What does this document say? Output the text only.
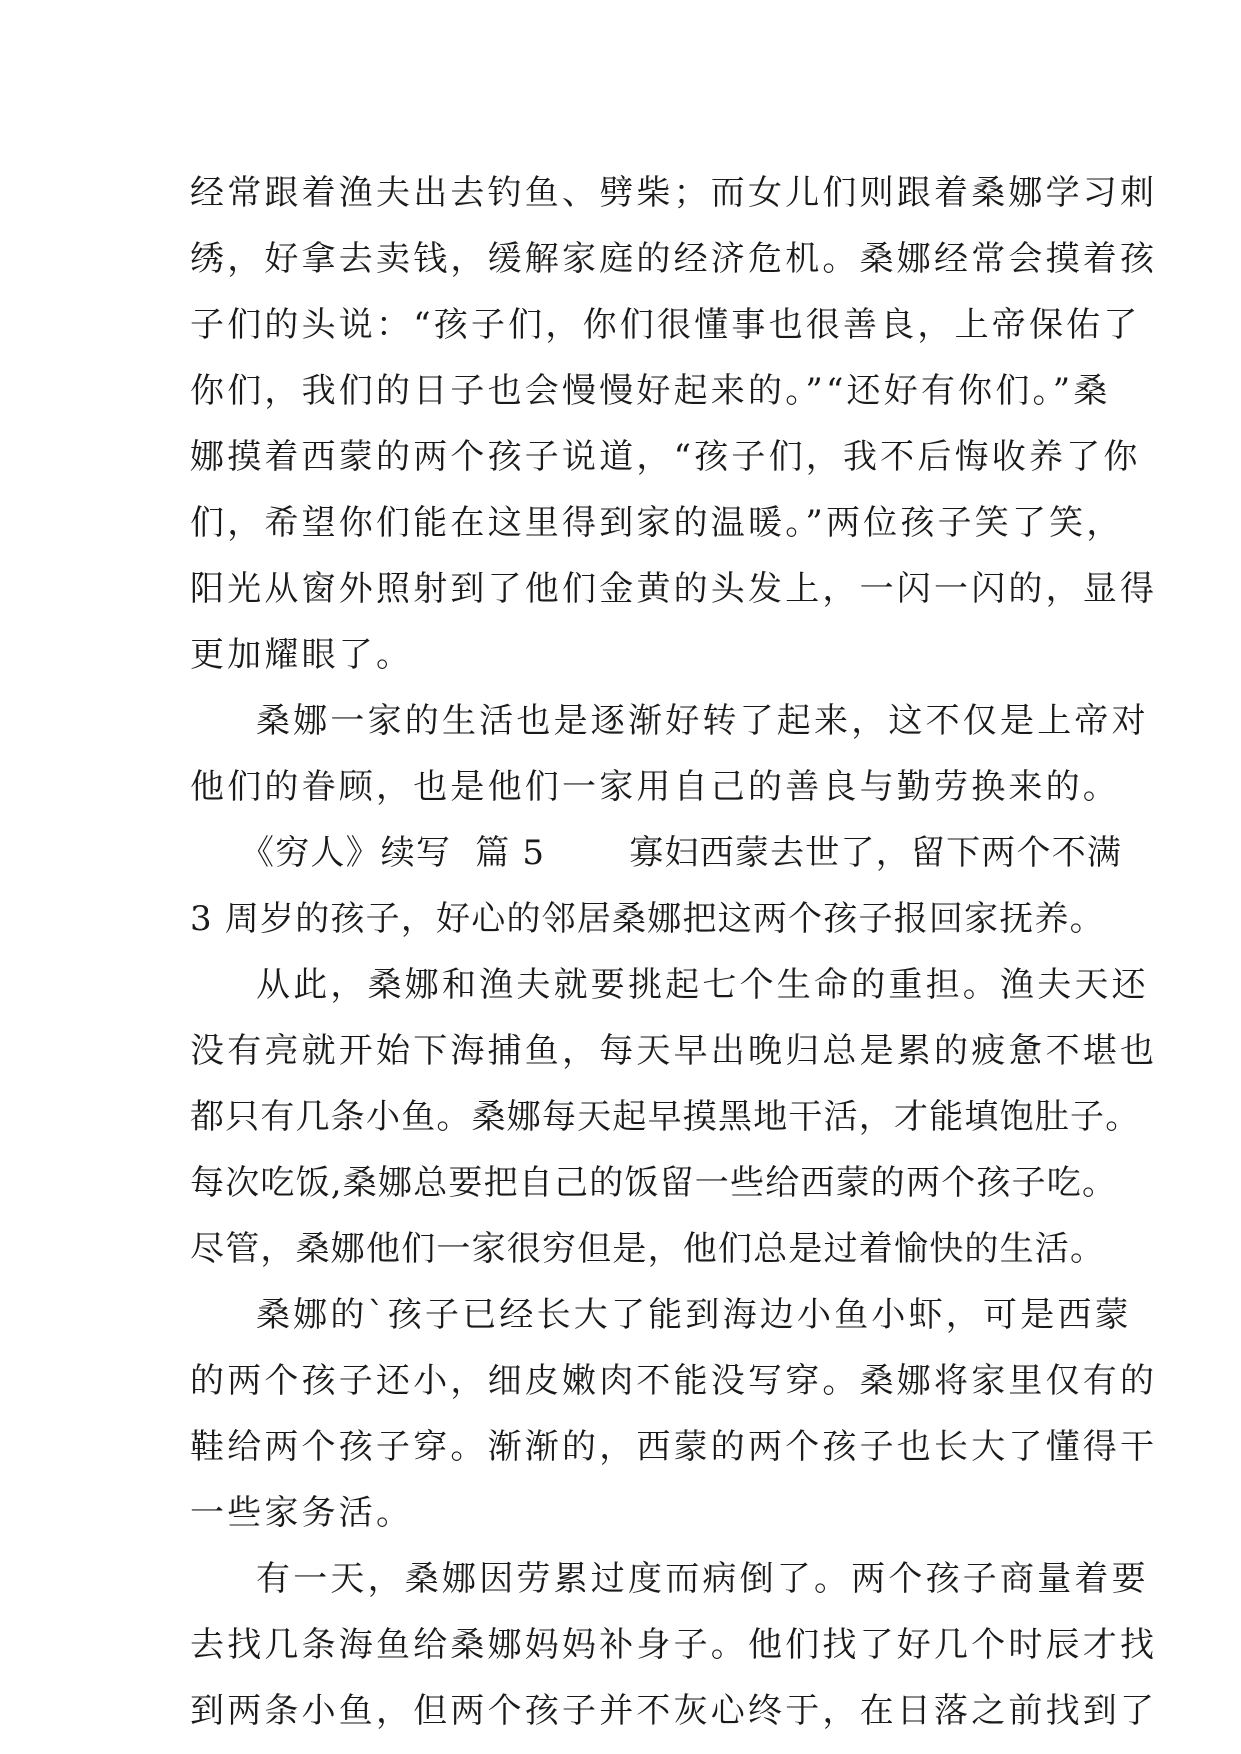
经常跟着渔夫出去钓鱼、劈柴；而女儿们则跟着桑娜学习刺
绣，好拿去卖钱，缓解家庭的经济危机。桑娜经常会摸着孩
子们的头说：“孩子们，你们很懂事也很善良，上帝保佑了
你们，我们的日子也会慢慢好起来的。”“还好有你们。”桑
娜摸着西蒙的两个孩子说道，“孩子们，我不后悔收养了你
们，希望你们能在这里得到家的温暖。”两位孩子笑了笑，
阳光从窗外照射到了他们金黄的头发上，一闪一闪的，显得
更加耀眼了。
桑娜一家的生活也是逐渐好转了起来，这不仅是上帝对
他们的眷顾，也是他们一家用自己的善良与勤劳换来的。
《穷人》续写  篇 5       寡妇西蒙去世了，留下两个不满
3 周岁的孩子，好心的邻居桑娜把这两个孩子报回家抚养。
从此，桑娜和渔夫就要挑起七个生命的重担。渔夫天还
没有亮就开始下海捕鱼，每天早出晚归总是累的疲惫不堪也
都只有几条小鱼。桑娜每天起早摸黑地干活，才能填饱肚子。
每次吃饭,桑娜总要把自己的饭留一些给西蒙的两个孩子吃。
尽管，桑娜他们一家很穷但是，他们总是过着愉快的生活。
桑娜的`孩子已经长大了能到海边小鱼小虾，可是西蒙
的两个孩子还小，细皮嫩肉不能没写穿。桑娜将家里仅有的
鞋给两个孩子穿。渐渐的，西蒙的两个孩子也长大了懂得干
一些家务活。
有一天，桑娜因劳累过度而病倒了。两个孩子商量着要
去找几条海鱼给桑娜妈妈补身子。他们找了好几个时辰才找
到两条小鱼，但两个孩子并不灰心终于，在日落之前找到了
